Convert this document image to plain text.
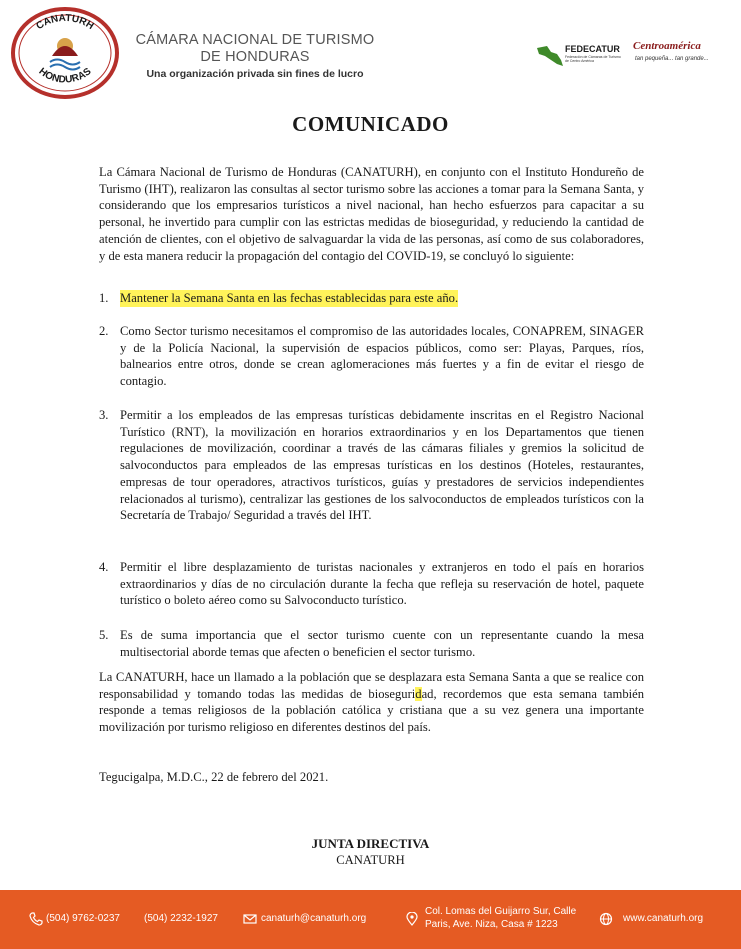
CANATURH
HONDURAS
CÁMARA NACIONAL DE TURISMO
DE HONDURAS
Una organización privada sin fines de lucro
FEDECATUR
Federación de Cámaras de Turismo de Centro América
Centroamérica
tan pequeña... tan grande...
COMUNICADO
La Cámara Nacional de Turismo de Honduras (CANATURH), en conjunto con el Instituto Hondureño de Turismo (IHT), realizaron las consultas al sector turismo sobre las acciones a tomar para la Semana Santa, y considerando que los empresarios turísticos a nivel nacional, han hecho esfuerzos para capacitar a su personal, he invertido para cumplir con las estrictas medidas de bioseguridad, y reduciendo la cantidad de atención de clientes, con el objetivo de salvaguardar la vida de las personas, así como de sus colaboradores, y de esta manera reducir la propagación del contagio del COVID-19, se concluyó lo siguiente:
1. Mantener la Semana Santa en las fechas establecidas para este año.
2. Como Sector turismo necesitamos el compromiso de las autoridades locales, CONAPREM, SINAGER y de la Policía Nacional, la supervisión de espacios públicos, como ser: Playas, Parques, ríos, balnearios entre otros, donde se crean aglomeraciones más fuertes y a fin de evitar el riesgo de contagio.
3. Permitir a los empleados de las empresas turísticas debidamente inscritas en el Registro Nacional Turístico (RNT), la movilización en horarios extraordinarios y en los Departamentos que tienen regulaciones de movilización, coordinar a través de las cámaras filiales y gremios la solicitud de salvoconductos para empleados de las empresas turísticas en los destinos (Hoteles, restaurantes, empresas de tour operadores, atractivos turísticos, guías y prestadores de servicios independientes relacionados al turismo), centralizar las gestiones de los salvoconductos de empleados turísticos con la Secretaría de Trabajo/ Seguridad a través del IHT.
4. Permitir el libre desplazamiento de turistas nacionales y extranjeros en todo el país en horarios extraordinarios y días de no circulación durante la fecha que refleja su reservación de hotel, paquete turístico o boleto aéreo como su Salvoconducto turístico.
5. Es de suma importancia que el sector turismo cuente con un representante cuando la mesa multisectorial aborde temas que afecten o beneficien el sector turismo.
La CANATURH, hace un llamado a la población que se desplazara esta Semana Santa a que se realice con responsabilidad y tomando todas las medidas de bioseguridad, recordemos que esta semana también responde a temas religiosos de la población católica y cristiana que a su vez genera una importante movilización por turismo religioso en diferentes destinos del país.
Tegucigalpa, M.D.C., 22 de febrero del 2021.
JUNTA DIRECTIVA
CANATURH
(504) 9762-0237 (504) 2232-1927	canaturh@canaturh.org
Col. Lomas del Guijarro Sur, Calle
Paris, Ave. Niza, Casa # 1223
www.canaturh.org
